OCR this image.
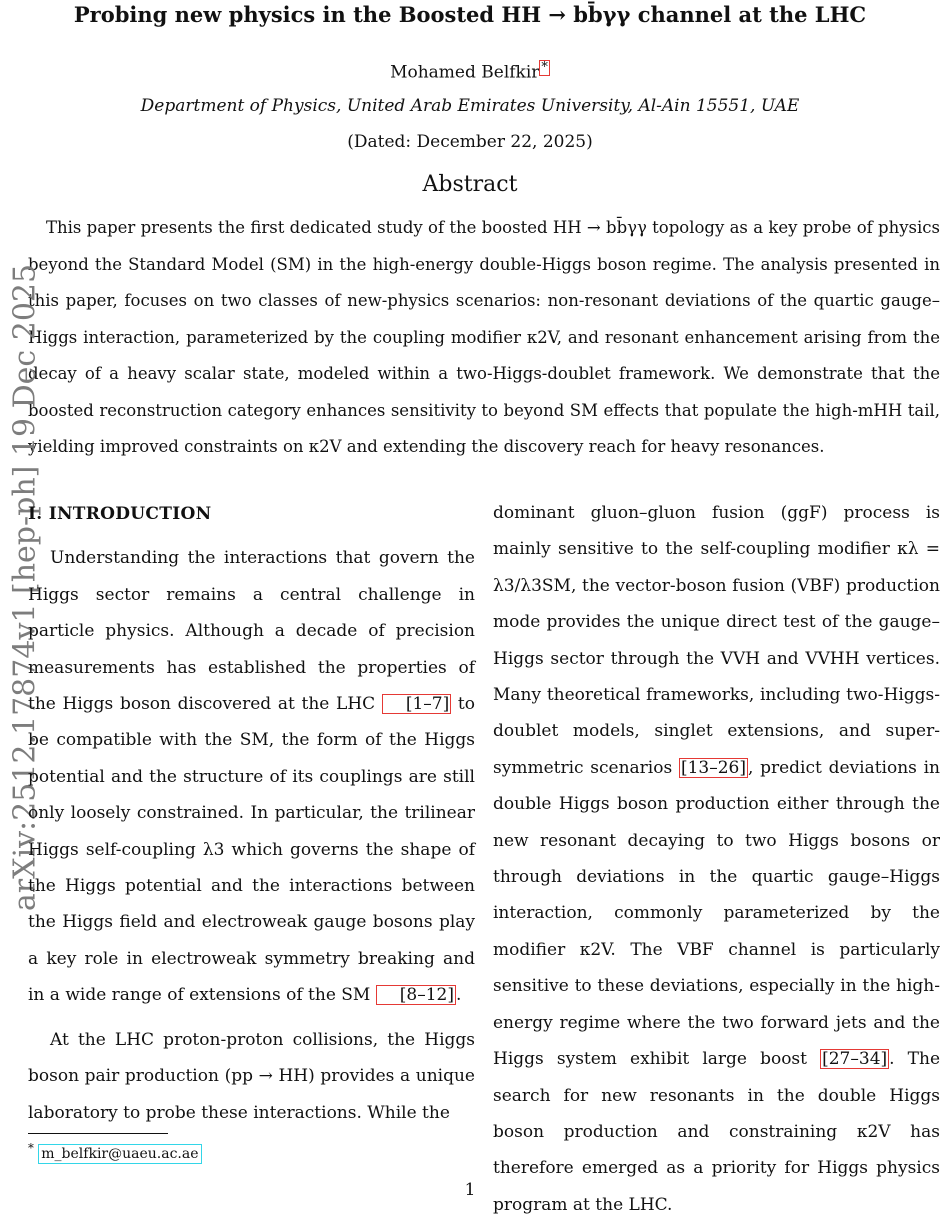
Probing new physics in the Boosted HH → bb̄γγ channel at the LHC
Mohamed Belfkir *
Department of Physics, United Arab Emirates University, Al-Ain 15551, UAE
(Dated: December 22, 2025)
Abstract
This paper presents the first dedicated study of the boosted HH → bb̄γγ topology as a key probe of physics beyond the Standard Model (SM) in the high-energy double-Higgs boson regime. The analysis presented in this paper, focuses on two classes of new-physics scenarios: non-resonant deviations of the quartic gauge–Higgs interaction, parameterized by the coupling modifier κ2V, and resonant enhancement arising from the decay of a heavy scalar state, modeled within a two-Higgs-doublet framework. We demonstrate that the boosted reconstruction category enhances sensitivity to beyond SM effects that populate the high-mHH tail, yielding improved constraints on κ2V and extending the discovery reach for heavy resonances.
arXiv:2512.17874v1 [hep-ph] 19 Dec 2025
I. INTRODUCTION

Understanding the interactions that govern the Higgs sector remains a central challenge in particle physics. Although a decade of precision measurements has established the properties of the Higgs boson discovered at the LHC [1–7] to be compatible with the SM, the form of the Higgs potential and the structure of its couplings are still only loosely constrained. In particular, the trilinear Higgs self-coupling λ3 which governs the shape of the Higgs potential and the interactions between the Higgs field and electroweak gauge bosons play a key role in electroweak symmetry breaking and in a wide range of extensions of the SM [8–12] .

At the LHC proton-proton collisions, the Higgs boson pair production (pp → HH) provides a unique laboratory to probe these interactions. While the

dominant gluon–gluon fusion (ggF) process is mainly sensitive to the self-coupling modifier κλ = λ3/λ3SM, the vector-boson fusion (VBF) production mode provides the unique direct test of the gauge–Higgs sector through the VVH and VVHH vertices. Many theoretical frameworks, including two-Higgs-doublet models, singlet extensions, and super-symmetric scenarios [13–26] , predict deviations in double Higgs boson production either through the new resonant decaying to two Higgs bosons or through deviations in the quartic gauge–Higgs interaction, commonly parameterized by the modifier κ2V. The VBF channel is particularly sensitive to these deviations, especially in the high-energy regime where the two forward jets and the Higgs system exhibit large boost [27–34] . The search for new resonants in the double Higgs boson production and constraining κ2V has therefore emerged as a priority for Higgs physics program at the LHC.

* m_belfkir@uaeu.ac.ae
1
